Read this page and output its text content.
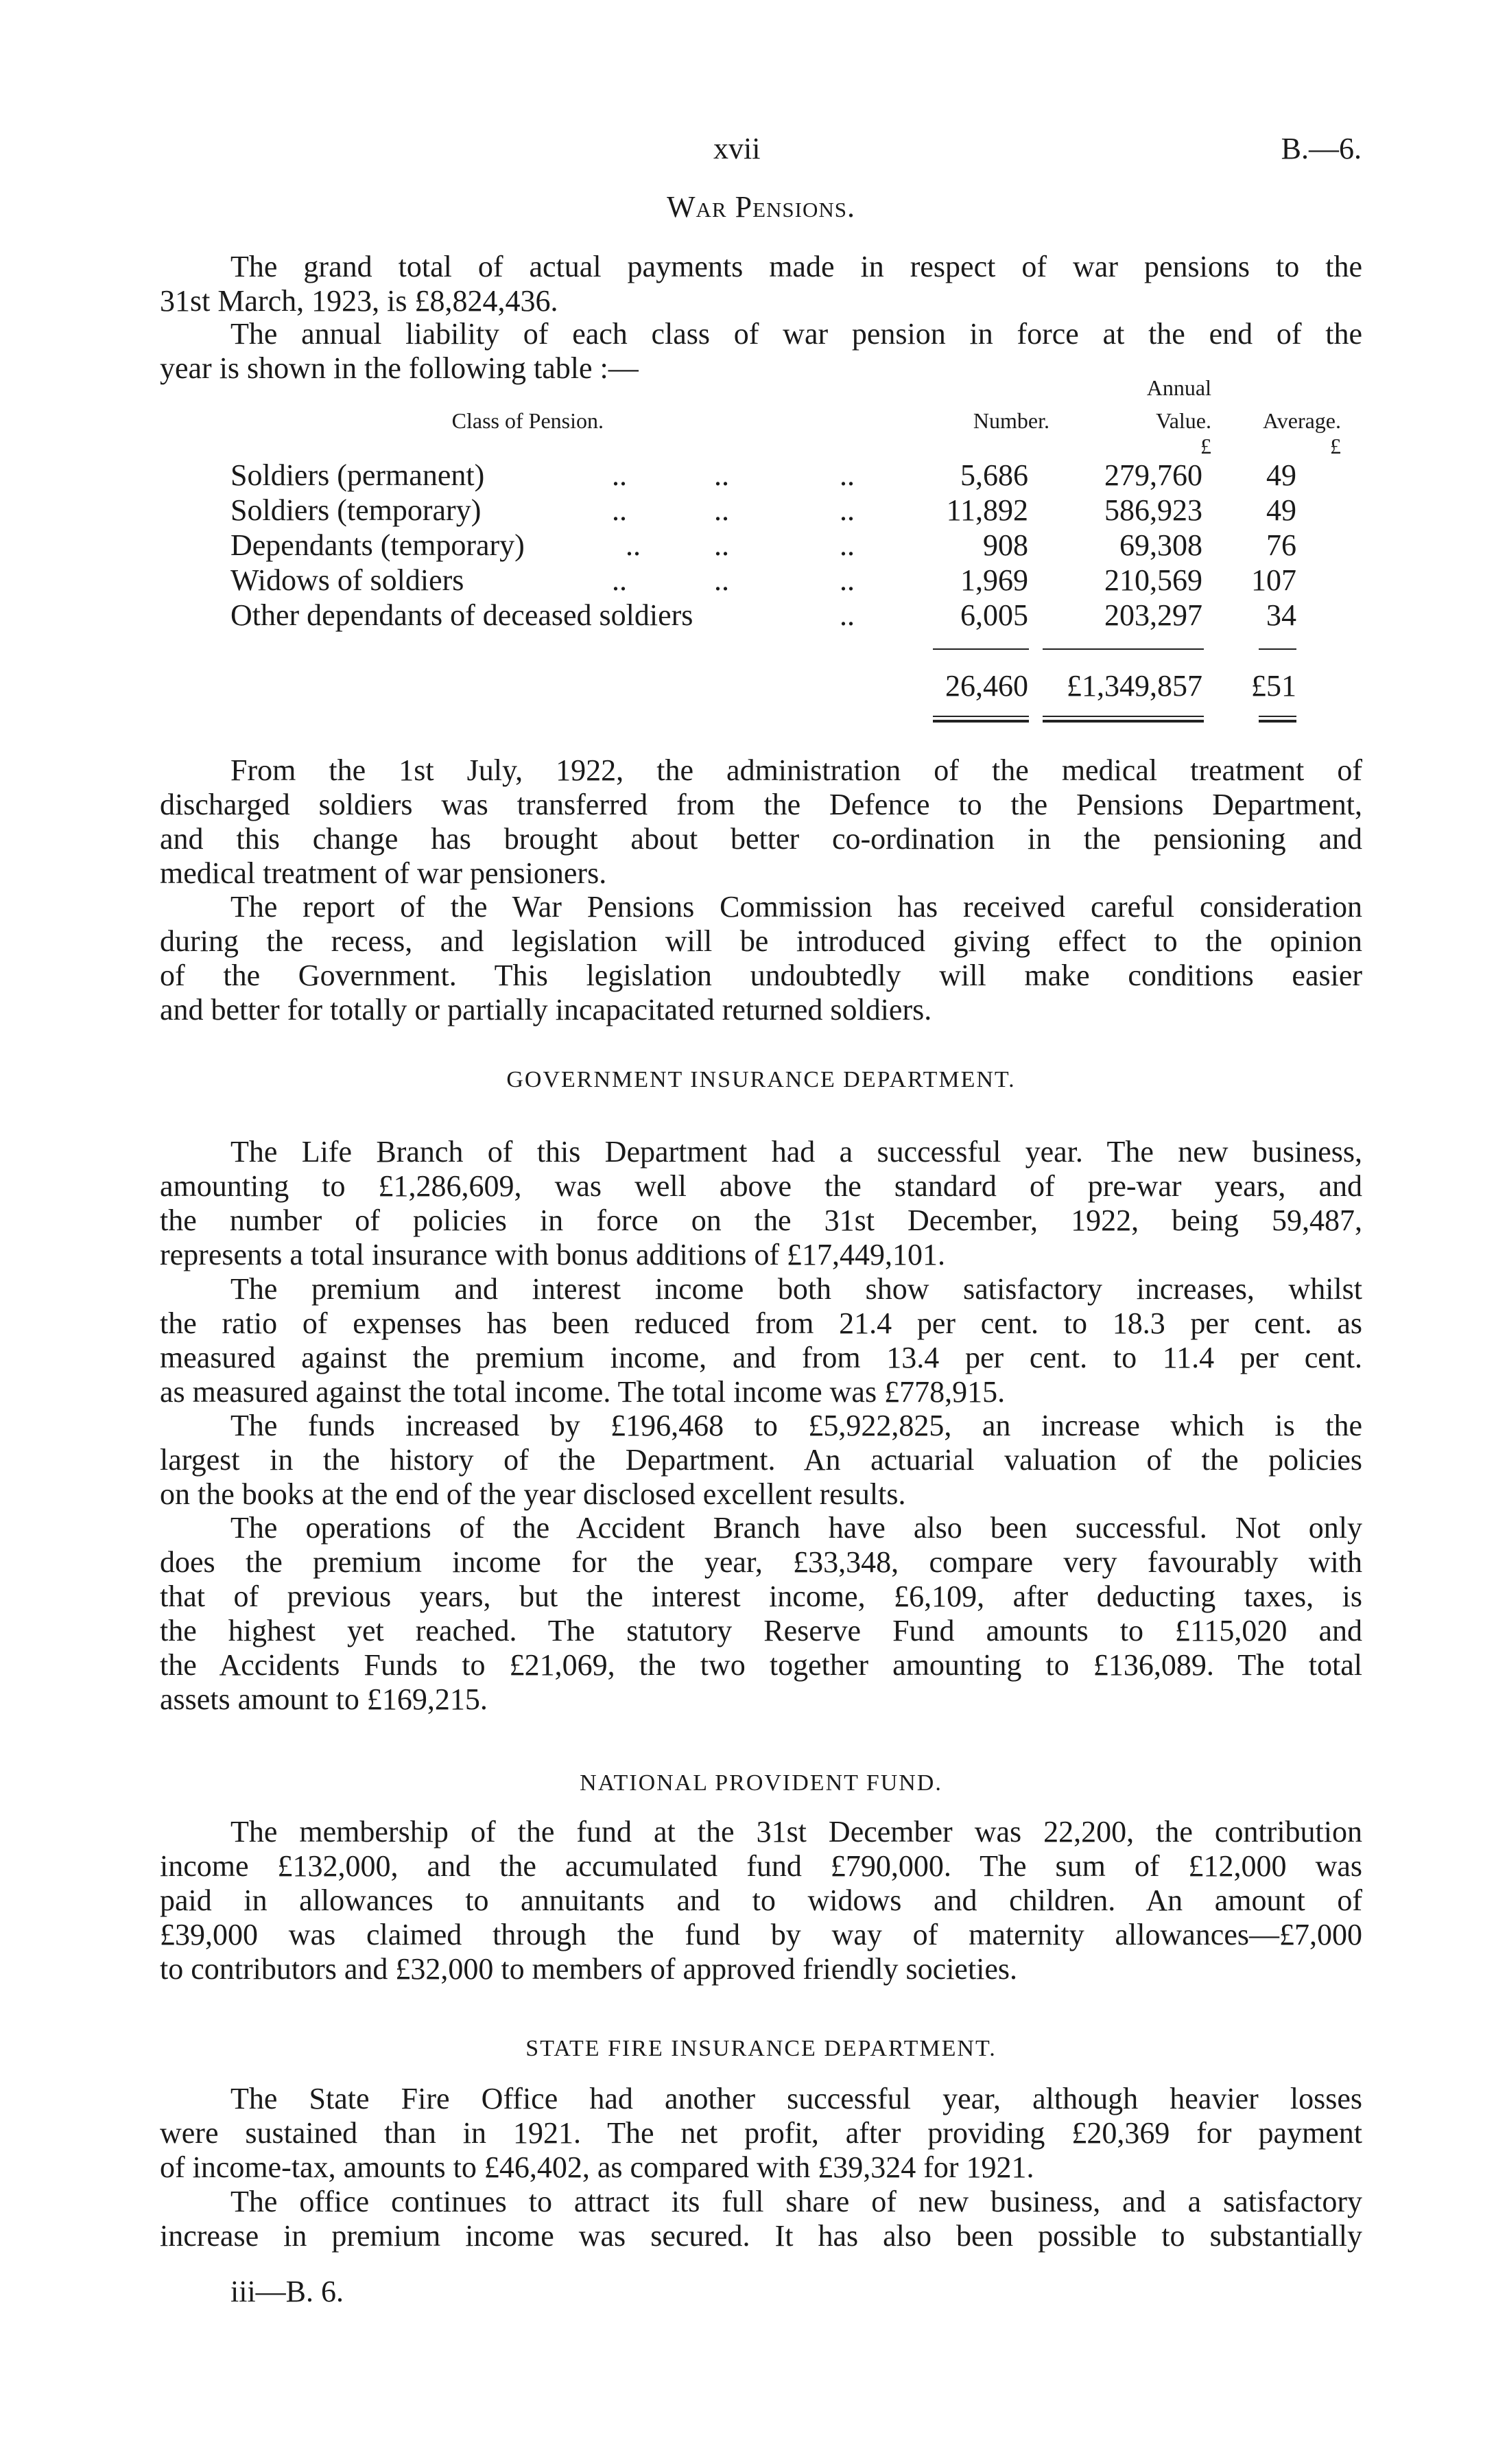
xvii	B.—6.
War Pensions.
The grand total of actual payments made in respect of war pensions to the
31st March, 1923, is £8,824,436.
The annual liability of each class of war pension in force at the end of the
year is shown in the following table :—
Class of Pension.	Number.
Annual
Value.
£
Average.
£
Soldiers (permanent)	..	..	..	5,686	279,760 49
Soldiers (temporary)	..	..	..	11,892	586,923 49
Dependants (temporary)	.. ..	..	908	69,308 76
Widows of soldiers	..	..	..	1,969	210,569 107
Other dependants of deceased soldiers	..	6,005	203,297 34
26,460 £1,349,857 £51
From the 1st July, 1922, the administration of the medical treatment of
discharged soldiers was transferred from the Defence to the Pensions Department,
and this change has brought about better co-ordination in the pensioning and
medical treatment of war pensioners.
The report of the War Pensions Commission has received careful consideration
during the recess, and legislation will be introduced giving effect to the opinion
of the Government. This legislation undoubtedly will make conditions easier
and better for totally or partially incapacitated returned soldiers.
GOVERNMENT INSURANCE DEPARTMENT.
The Life Branch of this Department had a successful year. The new business,
amounting to £1,286,609, was well above the standard of pre-war years, and
the number of policies in force on the 31st December, 1922, being 59,487,
represents a total insurance with bonus additions of £17,449,101.
The premium and interest income both show satisfactory increases, whilst
the ratio of expenses has been reduced from 21.4 per cent. to 18.3 per cent. as
measured against the premium income, and from 13.4 per cent. to 11.4 per cent.
as measured against the total income. The total income was £778,915.
The funds increased by £196,468 to £5,922,825, an increase which is the
largest in the history of the Department. An actuarial valuation of the policies
on the books at the end of the year disclosed excellent results.
The operations of the Accident Branch have also been successful. Not only
does the premium income for the year, £33,348, compare very favourably with
that of previous years, but the interest income, £6,109, after deducting taxes, is
the highest yet reached. The statutory Reserve Fund amounts to £115,020 and
the Accidents Funds to £21,069, the two together amounting to £136,089. The total
assets amount to £169,215.
NATIONAL PROVIDENT FUND.
The membership of the fund at the 31st December was 22,200, the contribution
income £132,000, and the accumulated fund £790,000. The sum of £12,000 was
paid in allowances to annuitants and to widows and children. An amount of
£39,000 was claimed through the fund by way of maternity allowances—£7,000
to contributors and £32,000 to members of approved friendly societies.
STATE FIRE INSURANCE DEPARTMENT.
The State Fire Office had another successful year, although heavier losses
were sustained than in 1921. The net profit, after providing £20,369 for payment
of income-tax, amounts to £46,402, as compared with £39,324 for 1921.
The office continues to attract its full share of new business, and a satisfactory
increase in premium income was secured. It has also been possible to substantially
iii—B. 6.
